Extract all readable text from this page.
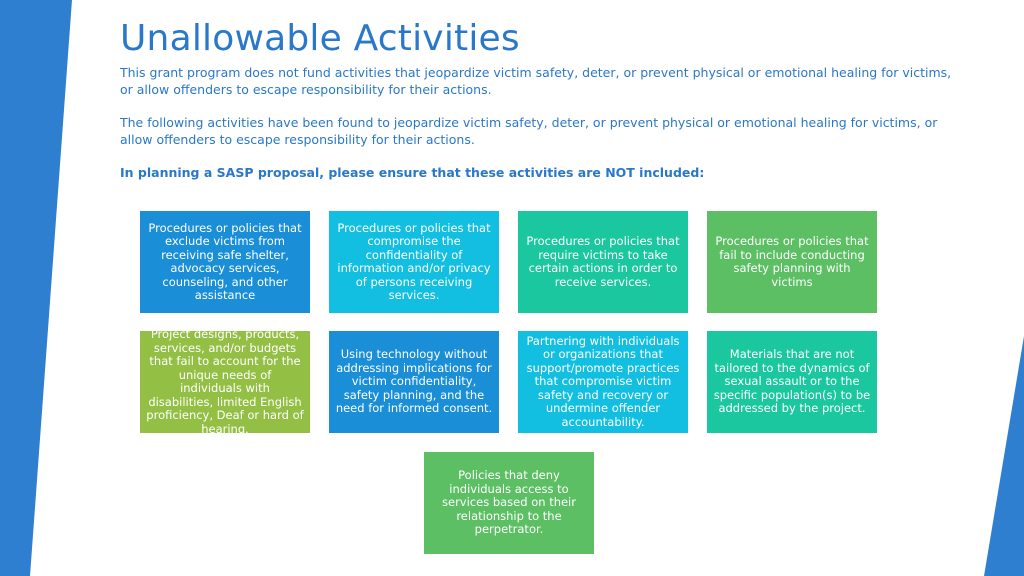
Unallowable Activities

This grant program does not fund activities that jeopardize victim safety, deter, or prevent physical or emotional healing for victims, or allow offenders to escape responsibility for their actions.

The following activities have been found to jeopardize victim safety, deter, or prevent physical or emotional healing for victims, or allow offenders to escape responsibility for their actions.

In planning a SASP proposal, please ensure that these activities are NOT included:

Procedures or policies that exclude victims from receiving safe shelter, advocacy services, counseling, and other assistance
Procedures or policies that compromise the confidentiality of information and/or privacy of persons receiving services.
Procedures or policies that require victims to take certain actions in order to receive services.
Procedures or policies that fail to include conducting safety planning with victims
Project designs, products, services, and/or budgets that fail to account for the unique needs of individuals with disabilities, limited English proficiency, Deaf or hard of hearing.
Using technology without addressing implications for victim confidentiality, safety planning, and the need for informed consent.
Partnering with individuals or organizations that support/promote practices that compromise victim safety and recovery or undermine offender accountability.
Materials that are not tailored to the dynamics of sexual assault or to the specific population(s) to be addressed by the project.
Policies that deny individuals access to services based on their relationship to the perpetrator.
